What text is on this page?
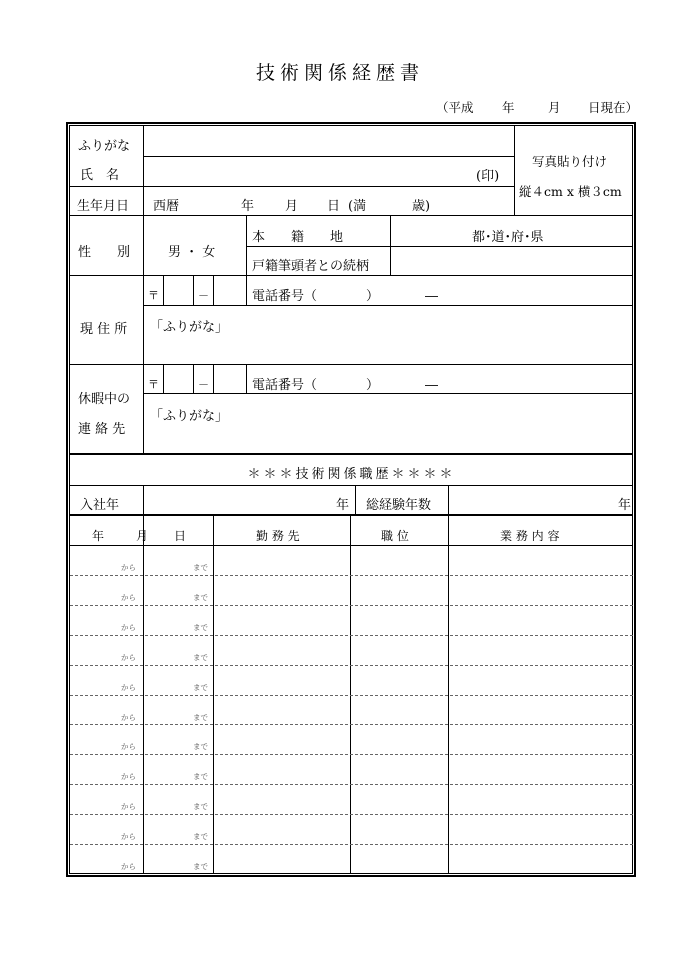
技術関係経歴書
（平成 年	月 日現在）
ふりがな
氏　名	(印)
写真貼り付け
縦４cm x 横３cm
生年月日 西暦	年 月 日 (満	歳)
性　　別	男 ・ 女
本　　籍　　地	都･道･府･県
戸籍筆頭者との続柄
現 住 所
〒	－	電話番号（	）	―
「ふりがな」
休暇中の
連 絡 先
〒	－	電話番号（	）	―
「ふりがな」
＊＊＊技術関係職歴＊＊＊＊
入社年	年 総経験年数	年
年	月 日	勤 務 先	職 位	業 務 内 容
から	まで
から	まで
から	まで
から	まで
から	まで
から	まで
から	まで
から	まで
から	まで
から	まで
から	まで
